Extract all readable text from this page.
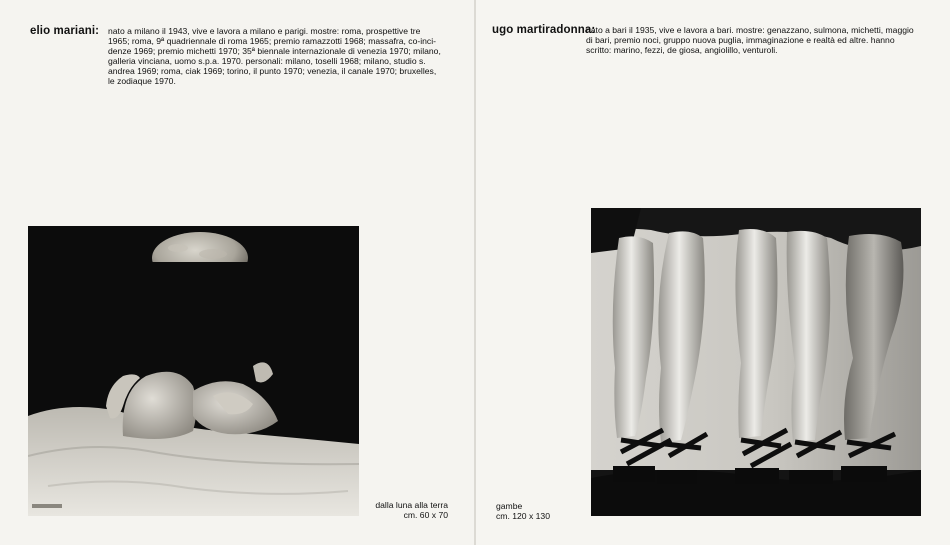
elio mariani: nato a milano il 1943, vive e lavora a milano e parigi. mostre: roma, prospettive tre
1965; roma, 9ª quadriennale di roma 1965; premio ramazzotti 1968; massafra, co-inci-
denze 1969; premio michetti 1970; 35ª biennale internazionale di venezia 1970; milano,
galleria vinciana, uomo s.p.a. 1970. personali: milano, toselli 1968; milano, studio s.
andrea 1969; roma, ciak 1969; torino, il punto 1970; venezia, il canale 1970; bruxelles,
le zodiaque 1970.
dalla luna alla terra
cm. 60 x 70
ugo martiradonna:
nato a bari il 1935, vive e lavora a bari. mostre: genazzano, sulmona, michetti, maggio
di bari, premio noci, gruppo nuova puglia, immaginazione e realtà ed altre. hanno
scritto: marino, fezzi, de giosa, angiolillo, venturoli.
gambe
cm. 120 x 130
